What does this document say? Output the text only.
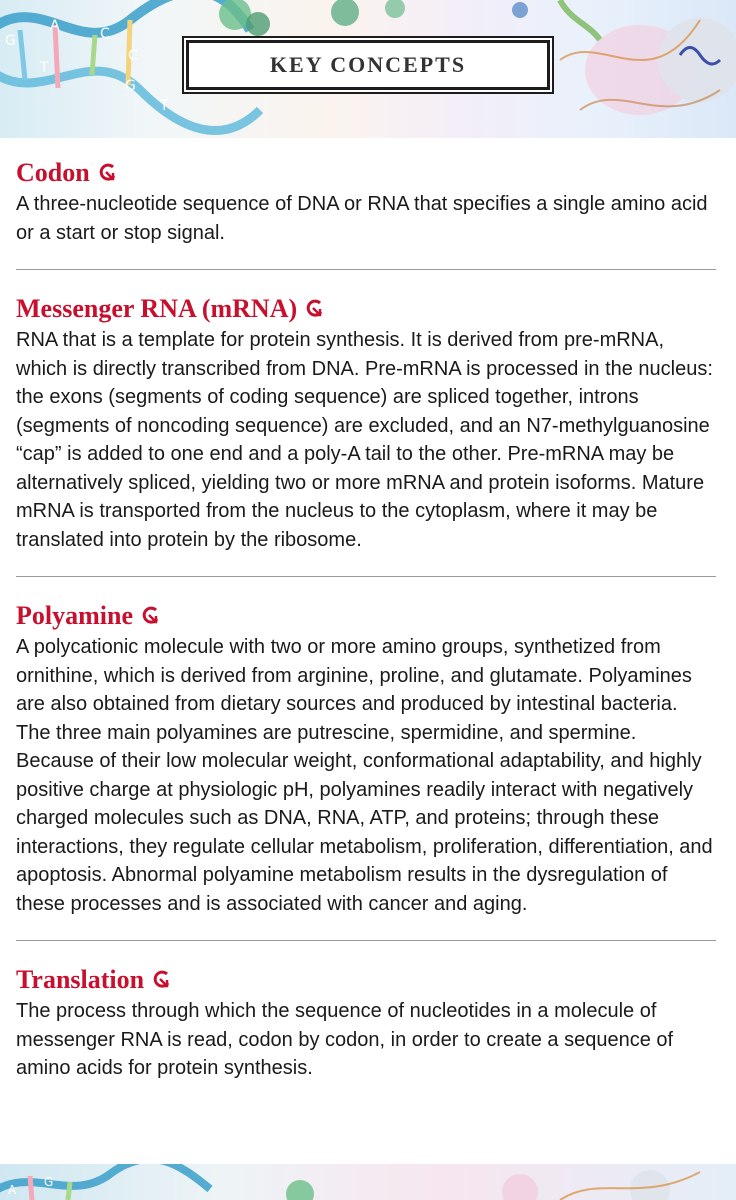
G
A
T
C
C
G
T
KEY CONCEPTS
Codon

A three-nucleotide sequence of DNA or RNA that specifies a single amino acid or a start or stop signal.

Messenger RNA (mRNA)

RNA that is a template for protein synthesis. It is derived from pre-mRNA, which is directly transcribed from DNA. Pre-mRNA is processed in the nucleus: the exons (segments of coding sequence) are spliced together, introns (segments of noncoding sequence) are excluded, and an N7-methylguanosine “cap” is added to one end and a poly-A tail to the other. Pre-mRNA may be alternatively spliced, yielding two or more mRNA and protein isoforms. Mature mRNA is transported from the nucleus to the cytoplasm, where it may be translated into protein by the ribosome.

Polyamine

A polycationic molecule with two or more amino groups, synthetized from ornithine, which is derived from arginine, proline, and glutamate. Polyamines are also obtained from dietary sources and produced by intestinal bacteria. The three main polyamines are putrescine, spermidine, and spermine. Because of their low molecular weight, conformational adaptability, and highly positive charge at physiologic pH, polyamines readily interact with negatively charged molecules such as DNA, RNA, ATP, and proteins; through these interactions, they regulate cellular metabolism, proliferation, differentiation, and apoptosis. Abnormal polyamine metabolism results in the dysregulation of these processes and is associated with cancer and aging.

Translation

The process through which the sequence of nucleotides in a molecule of messenger RNA is read, codon by codon, in order to create a sequence of amino acids for protein synthesis.

A
G
